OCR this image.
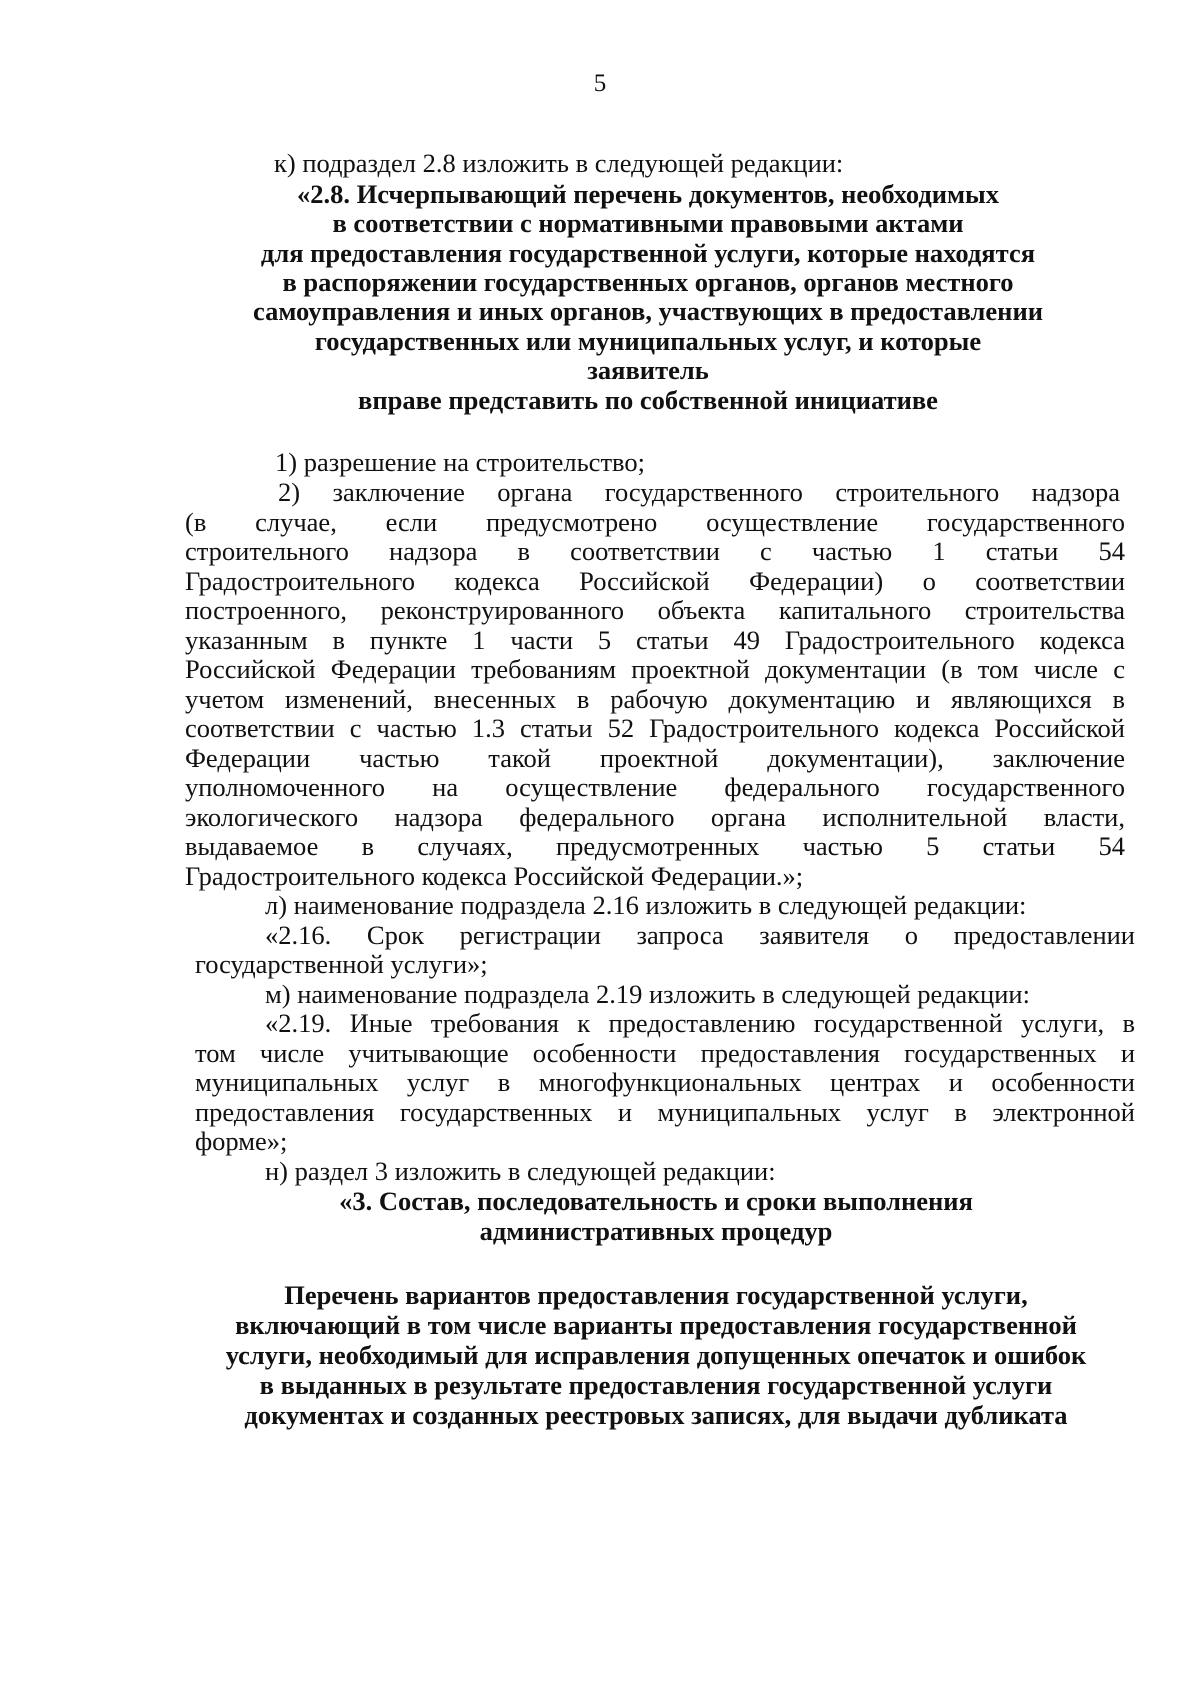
5
к) подраздел 2.8 изложить в следующей редакции:
«2.8. Исчерпывающий перечень документов, необходимых
в соответствии с нормативными правовыми актами
для предоставления государственной услуги, которые находятся
в распоряжении государственных органов, органов местного
самоуправления и иных органов, участвующих в предоставлении
государственных или муниципальных услуг, и которые
заявитель
вправе представить по собственной инициативе
1) разрешение на строительство;
2) заключение органа государственного строительного надзора
(в случае, если предусмотрено осуществление государственного
строительного надзора в соответствии с частью 1 статьи 54
Градостроительного кодекса Российской Федерации) о соответствии
построенного, реконструированного объекта капитального строительства
указанным в пункте 1 части 5 статьи 49 Градостроительного кодекса
Российской Федерации требованиям проектной документации (в том числе с
учетом изменений, внесенных в рабочую документацию и являющихся в
соответствии с частью 1.3 статьи 52 Градостроительного кодекса Российской
Федерации частью такой проектной документации), заключение
уполномоченного на осуществление федерального государственного
экологического надзора федерального органа исполнительной власти,
выдаваемое в случаях, предусмотренных частью 5 статьи 54
Градостроительного кодекса Российской Федерации.»;
л) наименование подраздела 2.16 изложить в следующей редакции:
«2.16. Срок регистрации запроса заявителя о предоставлении
государственной услуги»;
м) наименование подраздела 2.19 изложить в следующей редакции:
«2.19. Иные требования к предоставлению государственной услуги, в
том числе учитывающие особенности предоставления государственных и
муниципальных услуг в многофункциональных центрах и особенности
предоставления государственных и муниципальных услуг в электронной
форме»;
н) раздел 3 изложить в следующей редакции:
«3. Состав, последовательность и сроки выполнения
административных процедур
Перечень вариантов предоставления государственной услуги,
включающий в том числе варианты предоставления государственной
услуги, необходимый для исправления допущенных опечаток и ошибок
в выданных в результате предоставления государственной услуги
документах и созданных реестровых записях, для выдачи дубликата
